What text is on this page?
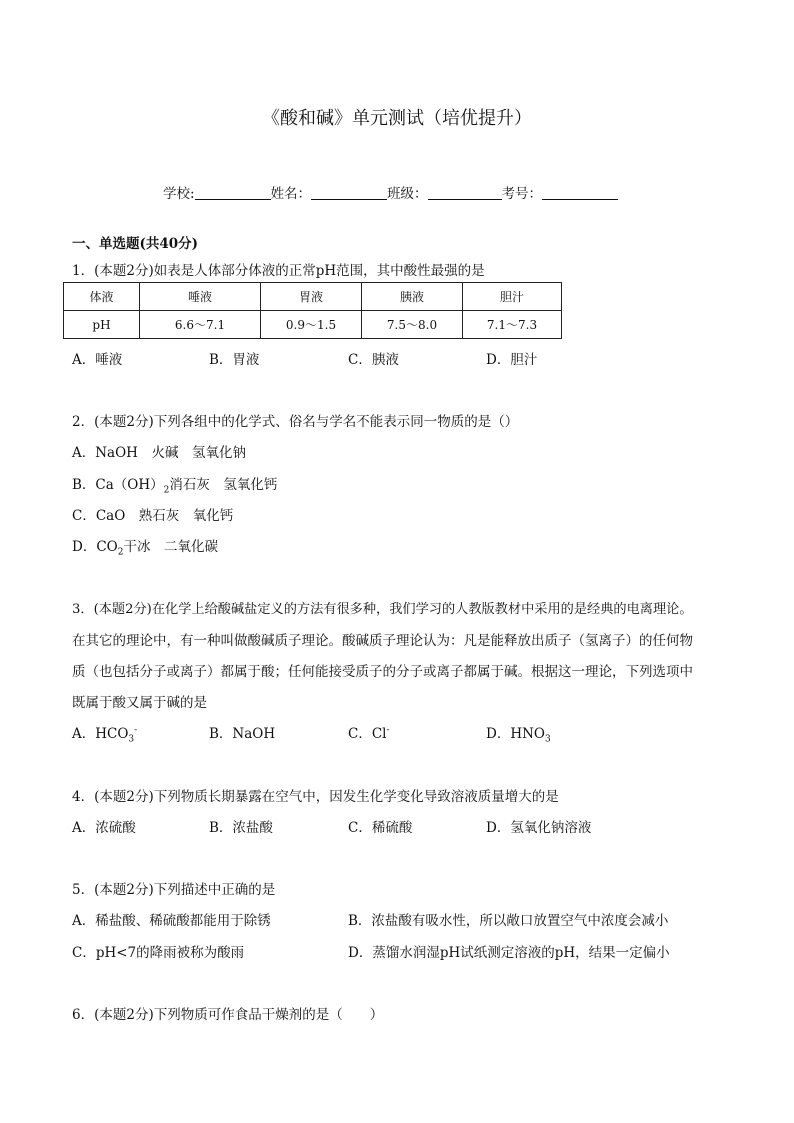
《酸和碱》单元测试（培优提升）
学校:	姓名：	班级：	考号：
一、单选题(共40分)
1．(本题2分)如表是人体部分体液的正常pH范围，其中酸性最强的是
体液	唾液	胃液	胰液	胆汁
pH	6.6～7.1	0.9～1.5	7.5～8.0	7.1～7.3
A．唾液	B．胃液	C．胰液	D．胆汁
2．(本题2分)下列各组中的化学式、俗名与学名不能表示同一物质的是（）
A．NaOH　火碱　氢氧化钠
B．$Ca(OH)_2$消石灰　氢氧化钙
C．CaO　熟石灰　氧化钙
D．$CO_2$干冰　二氧化碳
3．(本题2分)在化学上给酸碱盐定义的方法有很多种，我们学习的人教版教材中采用的是经典的电离理论。
在其它的理论中，有一种叫做酸碱质子理论。酸碱质子理论认为：凡是能释放出质子（氢离子）的任何物
质（也包括分子或离子）都属于酸；任何能接受质子的分子或离子都属于碱。根据这一理论，下列选项中
既属于酸又属于碱的是
A．$HCO_3^-$	B．NaOH	C．Cl-	D．$HNO_3$
4．(本题2分)下列物质长期暴露在空气中，因发生化学变化导致溶液质量增大的是
A．浓硫酸	B．浓盐酸	C．稀硫酸	D．氢氧化钠溶液
5．(本题2分)下列描述中正确的是
A．稀盐酸、稀硫酸都能用于除锈	B．浓盐酸有吸水性，所以敞口放置空气中浓度会减小
C．pH<7的降雨被称为酸雨	D．蒸馏水润湿pH试纸测定溶液的pH，结果一定偏小
6．(本题2分)下列物质可作食品干燥剂的是（　　）
